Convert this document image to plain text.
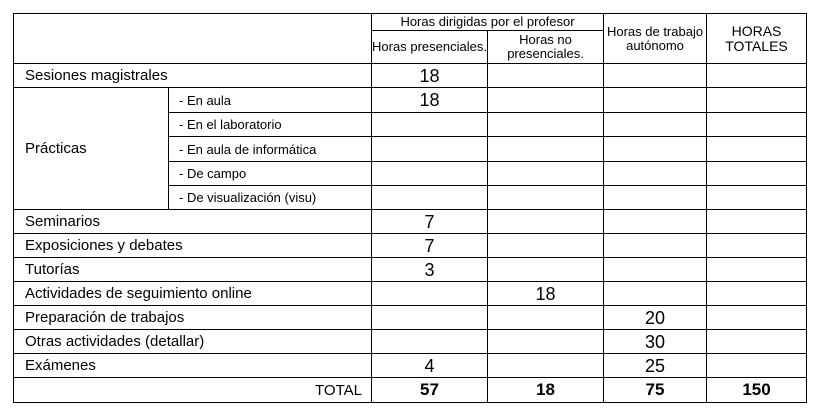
		Horas dirigidas por el profesor		Horas de trabajo autónomo	HORAS TOTALES
		Horas presenciales.	Horas no presenciales.		
Sesiones magistrales		18			
Prácticas	- En aula	18			
	- En el laboratorio				
	- En aula de informática				
	- De campo				
	- De visualización (visu)				
Seminarios		7			
Exposiciones y debates		7			
Tutorías		3			
Actividades de seguimiento online			18		
Preparación de trabajos				20	
Otras actividades (detallar)				30	
Exámenes		4		25	
TOTAL		57	18	75	150
